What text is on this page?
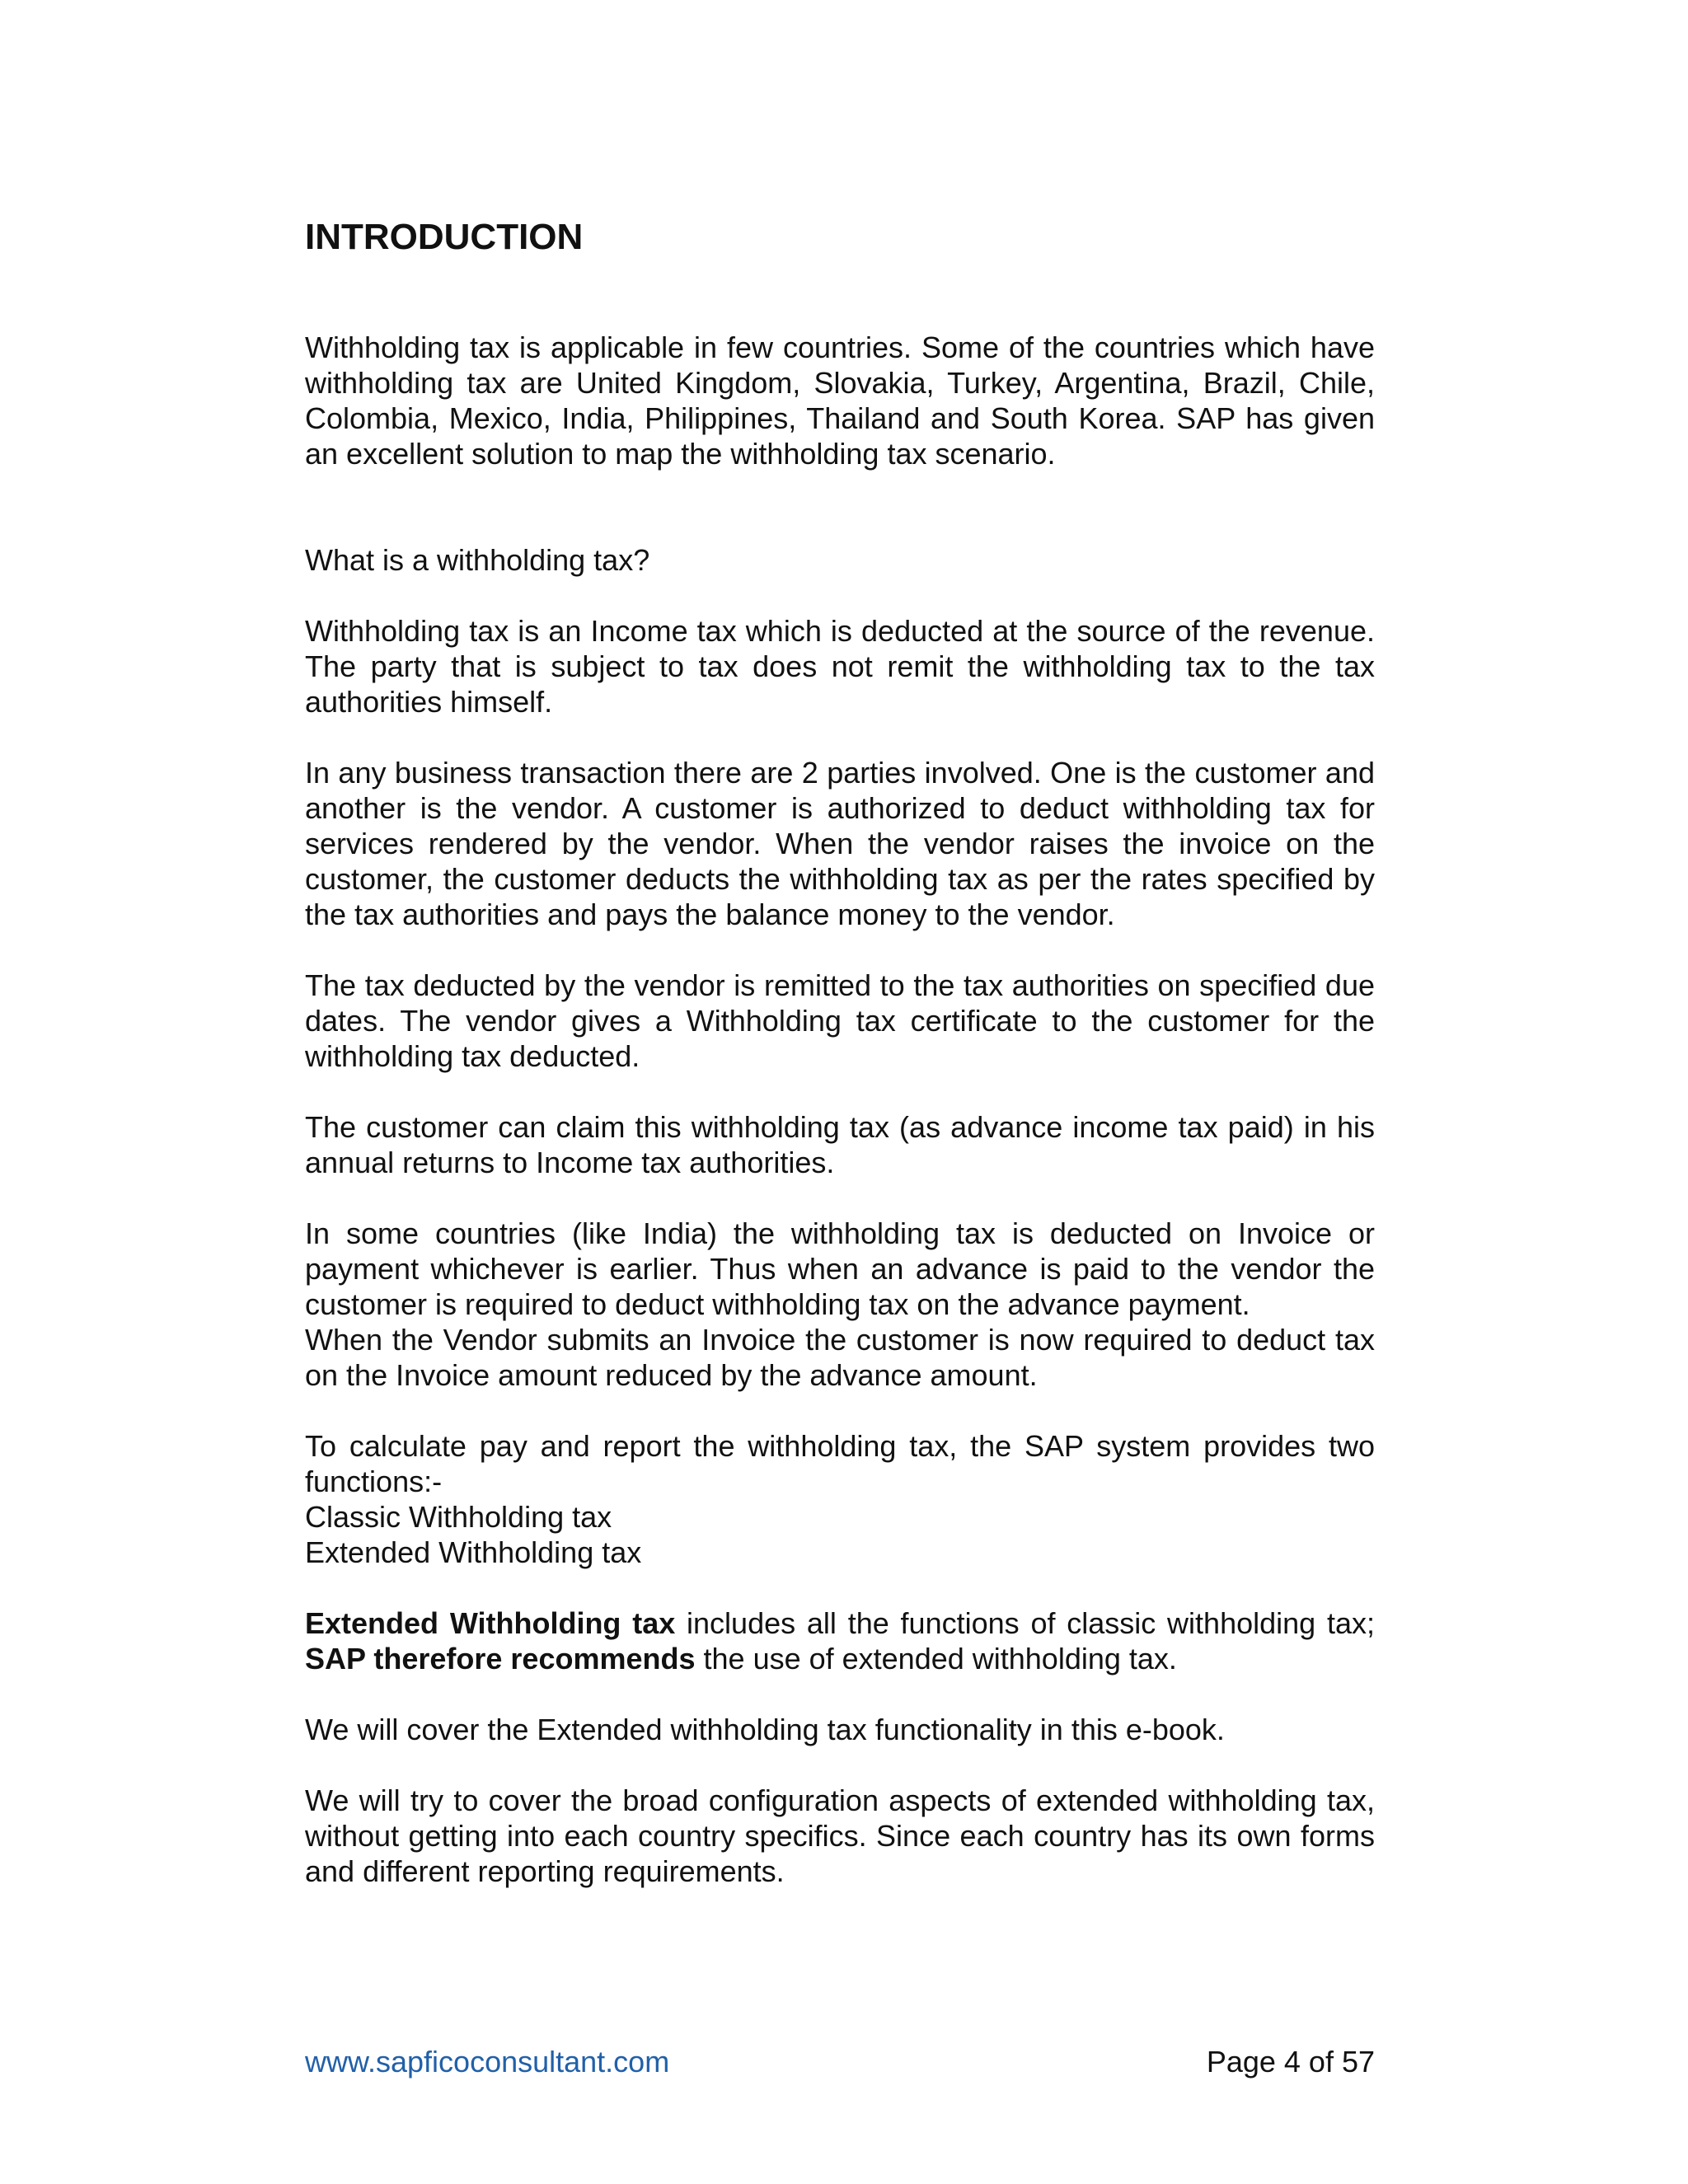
INTRODUCTION

Withholding tax is applicable in few countries. Some of the countries which have withholding tax are United Kingdom, Slovakia, Turkey, Argentina, Brazil, Chile, Colombia, Mexico, India, Philippines, Thailand and South Korea. SAP has given an excellent solution to map the withholding tax scenario.

What is a withholding tax?

Withholding tax is an Income tax which is deducted at the source of the revenue. The party that is subject to tax does not remit the withholding tax to the tax authorities himself.

In any business transaction there are 2 parties involved. One is the customer and another is the vendor. A customer is authorized to deduct withholding tax for services rendered by the vendor. When the vendor raises the invoice on the customer, the customer deducts the withholding tax as per the rates specified by the tax authorities and pays the balance money to the vendor.

The tax deducted by the vendor is remitted to the tax authorities on specified due dates. The vendor gives a Withholding tax certificate to the customer for the withholding tax deducted.

The customer can claim this withholding tax (as advance income tax paid) in his annual returns to Income tax authorities.

In some countries (like India) the withholding tax is deducted on Invoice or payment whichever is earlier. Thus when an advance is paid to the vendor the customer is required to deduct withholding tax on the advance payment.

When the Vendor submits an Invoice the customer is now required to deduct tax on the Invoice amount reduced by the advance amount.

To calculate pay and report the withholding tax, the SAP system provides two functions:-

Classic Withholding tax
Extended Withholding tax

Extended Withholding tax includes all the functions of classic withholding tax; SAP therefore recommends the use of extended withholding tax.

We will cover the Extended withholding tax functionality in this e-book.

We will try to cover the broad configuration aspects of extended withholding tax, without getting into each country specifics. Since each country has its own forms and different reporting requirements.

www.sapficoconsultant.com	Page 4 of 57
